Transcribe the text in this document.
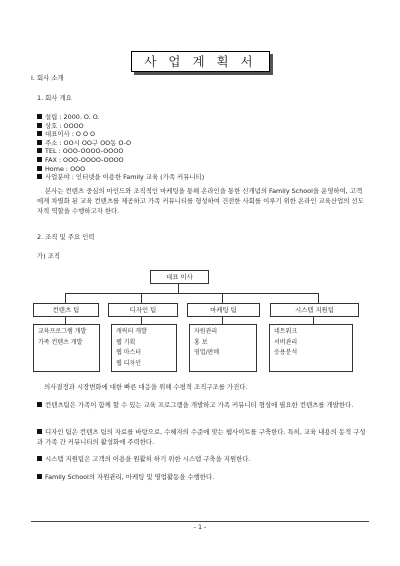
사 업 계 획 서
I. 회사 소개
1. 회사 개요
설립 : 2000. O. O.
상호 : OOOO
대표이사 : O O O
주소 : OO시 OO구 OO동 O-O
TEL : OOO-OOOO-OOOO
FAX : OOO-OOOO-OOOO
Home : OOO
사업분야 : 인터넷을 이용한 Family 교육 (가족 커뮤니티)
본사는 컨텐츠 중심의 마인드와 조직적인 마케팅을 통해 온라인을 통한 신개념의 Family School을 운영하여, 고객에게 차별화 된 교육 컨텐츠를 제공하고 가족 커뮤니티를 형성하여 건전한 사회를 이루기 위한 온라인 교육산업의 선도자적 역할을 수행하고자 한다.
2. 조직 및 주요 인력
가) 조직
대표 이사
컨텐츠 팀	디자인 팀	마케팅 팀	시스템 지원팀
교육프로그램 개발
가족 컨텐츠 개발
캐릭터 개발
웹 기획
웹 마스터
웹 디자인
자원관리
홍 보
영업/판매
네트워크
서버관리
응용분석
의사결정과 시장변화에 대한 빠른 대응을 위해 수평적 조직구조를 가진다.
컨텐츠팀은 가족이 함께 할 수 있는 교육 프로그램을 개발하고 가족 커뮤니티 형성에 필요한 컨텐츠를 개발한다.
디자인 팀은 컨텐츠 팀의 자료를 바탕으로, 수혜자의 수준에 맞는 웹사이트를 구축한다. 특히, 교육 내용의 동적 구성과 가족 간 커뮤니티의 활성화에 주력한다.
시스템 지원팀은 고객의 이용을 원활히 하기 위한 시스템 구축을 지원한다.
Family School의 자원관리, 마케팅 및 영업활동을 수행한다.
- 1 -
